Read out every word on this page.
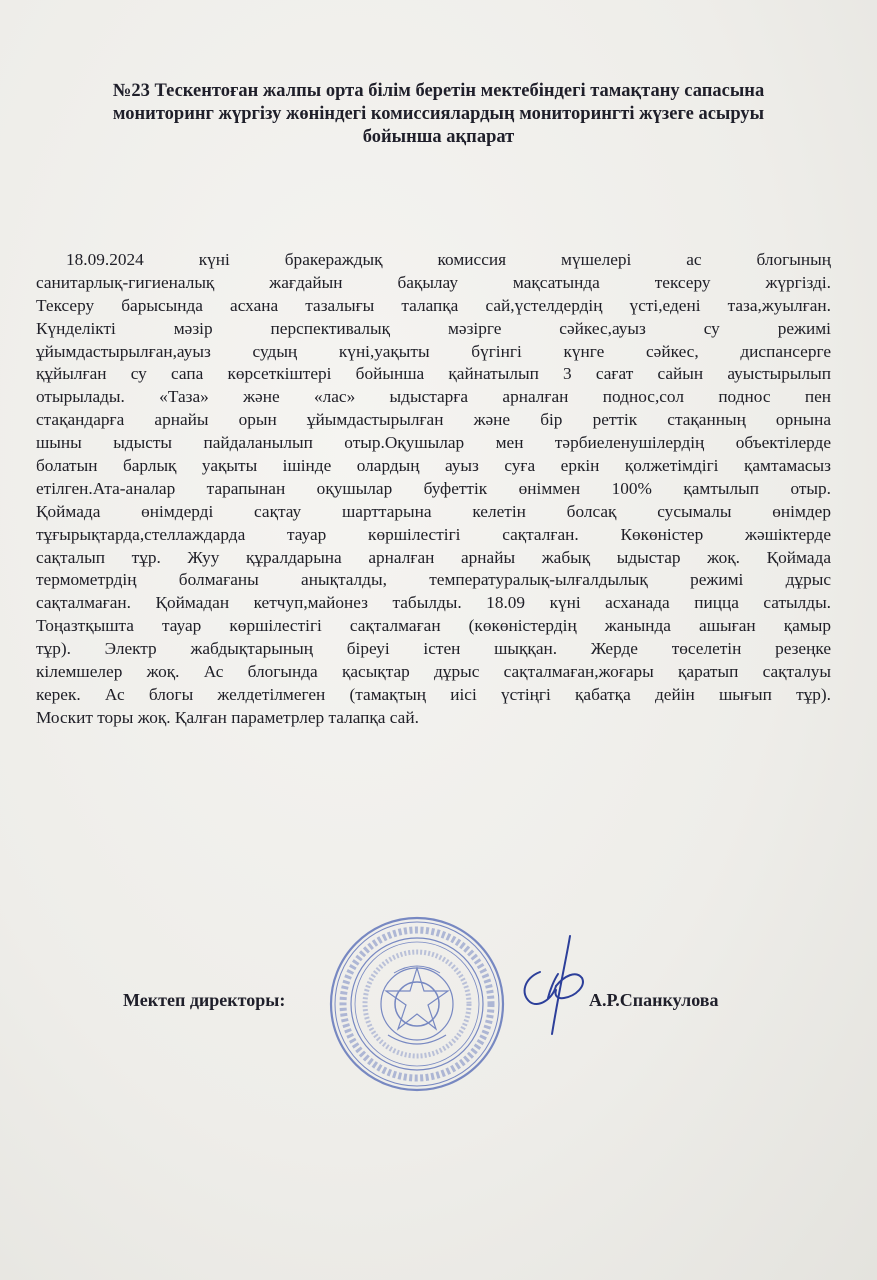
№23 Тескентоған жалпы орта білім беретін мектебіндегі тамақтану сапасына
мониторинг жүргізу жөніндегі комиссиялардың мониторингті жүзеге асыруы
бойынша ақпарат
18.09.2024 күні бракераждық комиссия мүшелері ас блогының
санитарлық-гигиеналық жағдайын бақылау мақсатында тексеру жүргізді.
Тексеру барысында асхана тазалығы талапқа сай,үстелдердің үсті,едені таза,жуылған.
Күнделікті мәзір перспективалық мәзірге сәйкес,ауыз су режимі
ұйымдастырылған,ауыз судың күні,уақыты бүгінгі күнге сәйкес, диспансерге
құйылған су сапа көрсеткіштері бойынша қайнатылып 3 сағат сайын ауыстырылып
отырылады. «Таза» және «лас» ыдыстарға арналған поднос,сол поднос пен
стақандарға арнайы орын ұйымдастырылған және бір реттік стақанның орнына
шыны ыдысты пайдаланылып отыр.Оқушылар мен тәрбиеленушілердің объектілерде
болатын барлық уақыты ішінде олардың ауыз суға еркін қолжетімдігі қамтамасыз
етілген.Ата-аналар тарапынан оқушылар буфеттік өніммен 100% қамтылып отыр.
Қоймада өнімдерді сақтау шарттарына келетін болсақ сусымалы өнімдер
тұғырықтарда,стеллаждарда тауар көршілестігі сақталған. Көкөністер жәшіктерде
сақталып тұр. Жуу құралдарына арналған арнайы жабық ыдыстар жоқ. Қоймада
термометрдің болмағаны анықталды, температуралық-ылғалдылық режимі дұрыс
сақталмаған. Қоймадан кетчуп,майонез табылды. 18.09 күні асханада пицца сатылды.
Тоңазтқышта тауар көршілестігі сақталмаған (көкөністердің жанында ашыған қамыр
тұр). Электр жабдықтарының біреуі істен шыққан. Жерде төселетін резеңке
кілемшелер жоқ. Ас блогында қасықтар дұрыс сақталмаған,жоғары қаратып сақталуы
керек. Ас блогы желдетілмеген (тамақтың иісі үстіңгі қабатқа дейін шығып тұр).
Москит торы жоқ. Қалған параметрлер талапқа сай.
Мектеп директоры:	А.Р.Спанкулова
